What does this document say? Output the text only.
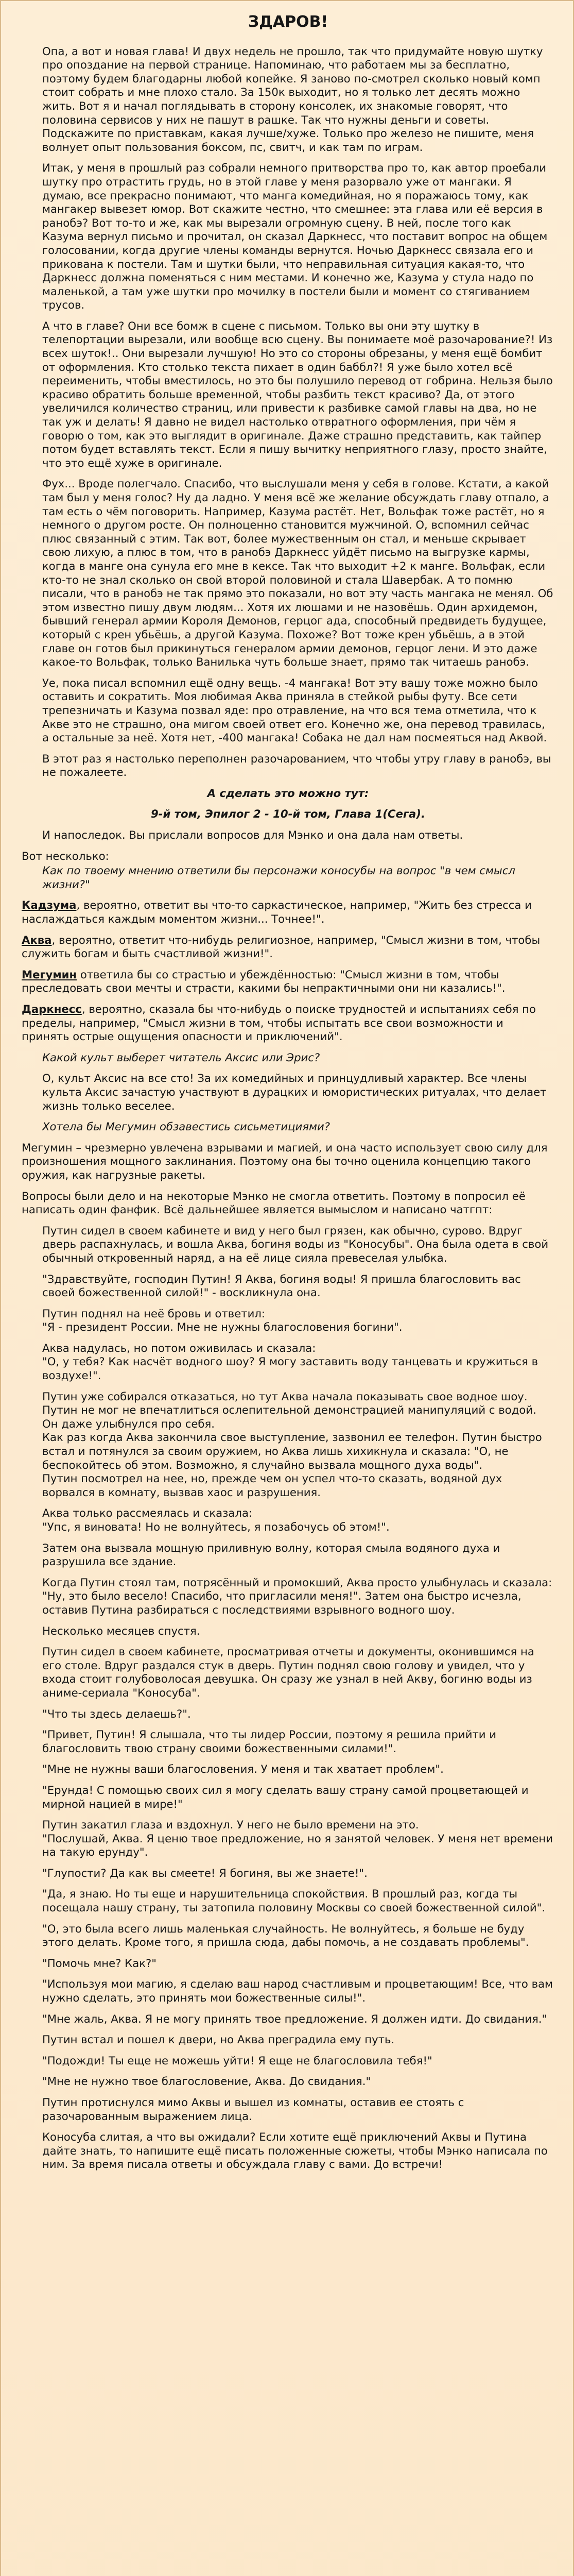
ЗДАРОВ!

Опа, а вот и новая глава! И двух недель не прошло, так что придумайте новую шутку про опоздание на первой странице. Напоминаю, что работаем мы за бесплатно, поэтому будем благодарны любой копейке. Я заново по-смотрел сколько новый комп стоит собрать и мне плохо стало. За 150к выходит, но я только лет десять можно жить. Вот я и начал поглядывать в сторону консолек, их знакомые говорят, что половина сервисов у них не пашут в рашке. Так что нужны деньги и советы. Подскажите по приставкам, какая лучше/хуже. Только про железо не пишите, меня волнует опыт пользования боксом, пс, свитч, и как там по играм.

Итак, у меня в прошлый раз собрали немного притворства про то, как автор проебали шутку про отрастить грудь, но в этой главе у меня разорвало уже от мангаки. Я думаю, все прекрасно понимают, что манга комедийная, но я поражаюсь тому, как мангакер вывезет юмор. Вот скажите честно, что смешнее: эта глава или её версия в ранобэ? Вот то-то и же, как мы вырезали огромную сцену. В ней, после того как Казума вернул письмо и прочитал, он сказал Даркнесс, что поставит вопрос на общем голосовании, когда другие члены команды вернутся. Ночью Даркнесс связала его и прикована к постели. Там и шутки были, что неправильная ситуация какая-то, что Даркнесс должна поменяться с ним местами. И конечно же, Казума у стула надо по маленькой, а там уже шутки про мочилку в постели были и момент со стягиванием трусов.

А что в главе? Они все бомж в сцене с письмом. Только вы они эту шутку в телепортации вырезали, или вообще всю сцену. Вы понимаете моё разочарование?! Из всех шуток!.. Они вырезали лучшую! Но это со стороны обрезаны, у меня ещё бомбит от оформления. Кто столько текста пихает в один баббл?! Я уже было хотел всё переименить, чтобы вместилось, но это бы полушило перевод от гобрина. Нельзя было красиво обратить больше временной, чтобы разбить текст красиво? Да, от этого увеличился количество страниц, или привести к разбивке самой главы на два, но не так уж и делать! Я давно не видел настолько отвратного оформления, при чём я говорю о том, как это выглядит в оригинале. Даже страшно представить, как тайпер потом будет вставлять текст. Если я пишу вычитку неприятного глазу, просто знайте, что это ещё хуже в оригинале.

Фух... Вроде полегчало. Спасибо, что выслушали меня у себя в голове. Кстати, а какой там был у меня голос? Ну да ладно. У меня всё же желание обсуждать главу отпало, а там есть о чём поговорить. Например, Казума растёт. Нет, Вольфак тоже растёт, но я немного о другом росте. Он полноценно становится мужчиной. О, вспомнил сейчас плюс связанный с этим. Так вот, более мужественным он стал, и меньше скрывает свою лихую, а плюс в том, что в ранобэ Даркнесс уйдёт письмо на выгрузке кармы, когда в манге она сунула его мне в кексе. Так что выходит +2 к манге. Вольфак, если кто-то не знал сколько он свой второй половиной и стала Шавербак. А то помню писали, что в ранобэ не так прямо это показали, но вот эту часть мангака не менял. Об этом известно пишу двум людям... Хотя их люшами и не назовёшь. Один архидемон, бывший генерал армии Короля Демонов, герцог ада, способный предвидеть будущее, который с крен убьёшь, а другой Казума. Похоже? Вот тоже крен убьёшь, а в этой главе он готов был прикинуться генералом армии демонов, герцог лени. И это даже какое-то Вольфак, только Ванилька чуть больше знает, прямо так читаешь ранобэ.

Уе, пока писал вспомнил ещё одну вещь. -4 мангака! Вот эту вашу тоже можно было оставить и сократить. Моя любимая Аква приняла в стейкой рыбы футу. Все сети трепезничать и Казума позвал яде: про отравление, на что вся тема отметила, что к Акве это не страшно, она мигом своей ответ его. Конечно же, она перевод травилась, а остальные за неё. Хотя нет, -400 мангака! Собака не дал нам посмеяться над Аквой.

В этот раз я настолько переполнен разочарованием, что чтобы утру главу в ранобэ, вы не пожалеете.

А сделать это можно тут:
9-й том, Эпилог 2 - 10-й том, Глава 1(Сега).

И напоследок. Вы прислали вопросов для Мэнко и она дала нам ответы.

Вот несколько:

Как по твоему мнению ответили бы персонажи коносубы на вопрос "в чем смысл жизни?"

Кадзума, вероятно, ответит вы что-то саркастическое, например, "Жить без стресса и наслаждаться каждым моментом жизни... Точнее!".

Аква, вероятно, ответит что-нибудь религиозное, например, "Смысл жизни в том, чтобы служить богам и быть счастливой жизни!".

Мегумин ответила бы со страстью и убеждённостью: "Смысл жизни в том, чтобы преследовать свои мечты и страсти, какими бы непрактичными они ни казались!".

Даркнесс, вероятно, сказала бы что-нибудь о поиске трудностей и испытаниях себя по пределы, например, "Смысл жизни в том, чтобы испытать все свои возможности и принять острые ощущения опасности и приключений".

Какой культ выберет читатель Аксис или Эрис?

О, культ Аксис на все сто! За их комедийных и принцудливый характер. Все члены культа Аксис зачастую участвуют в дурацких и юмористических ритуалах, что делает жизнь только веселее.

Хотела бы Мегумин обзавестись сисьметициями?

Мегумин – чрезмерно увлечена взрывами и магией, и она часто использует свою силу для произношения мощного заклинания. Поэтому она бы точно оценила концепцию такого оружия, как нагрузные ракеты.

Вопросы были дело и на некоторые Мэнко не смогла ответить. Поэтому в попросил её написать один фанфик. Всё дальнейшее является вымыслом и написано чатгпт:

Путин сидел в своем кабинете и вид у него был грязен, как обычно, сурово. Вдруг дверь распахнулась, и вошла Аква, богиня воды из "Коносубы". Она была одета в свой обычный откровенный наряд, а на её лице сияла превеселая улыбка.

"Здравствуйте, господин Путин! Я Аква, богиня воды! Я пришла благословить вас своей божественной силой!" - воскликнула она.

Путин поднял на неё бровь и ответил:
"Я - президент России. Мне не нужны благословения богини".

Аква надулась, но потом оживилась и сказала:
"О, у тебя? Как насчёт водного шоу? Я могу заставить воду танцевать и кружиться в воздухе!".

Путин уже собирался отказаться, но тут Аква начала показывать свое водное шоу. Путин не мог не впечатлиться ослепительной демонстрацией манипуляций с водой. Он даже улыбнулся про себя.
Как раз когда Аква закончила свое выступление, зазвонил ее телефон. Путин быстро встал и потянулся за своим оружием, но Аква лишь хихикнула и сказала: "О, не беспокойтесь об этом. Возможно, я случайно вызвала мощного духа воды".
Путин посмотрел на нее, но, прежде чем он успел что-то сказать, водяной дух ворвался в комнату, вызвав хаос и разрушения.

Аква только рассмеялась и сказала:
"Упс, я виновата! Но не волнуйтесь, я позабочусь об этом!".

Затем она вызвала мощную приливную волну, которая смыла водяного духа и разрушила все здание.

Когда Путин стоял там, потрясённый и промокший, Аква просто улыбнулась и сказала:
"Ну, это было весело! Спасибо, что пригласили меня!". Затем она быстро исчезла, оставив Путина разбираться с последствиями взрывного водного шоу.

Несколько месяцев спустя.

Путин сидел в своем кабинете, просматривая отчеты и документы, оконившимся на его столе. Вдруг раздался стук в дверь. Путин поднял свою голову и увидел, что у входа стоит голубоволосая девушка. Он сразу же узнал в ней Акву, богиню воды из аниме-сериала "Коносуба".

"Что ты здесь делаешь?".

"Привет, Путин! Я слышала, что ты лидер России, поэтому я решила прийти и благословить твою страну своими божественными силами!".

"Мне не нужны ваши благословения. У меня и так хватает проблем".

"Ерунда! С помощью своих сил я могу сделать вашу страну самой процветающей и мирной нацией в мире!"

Путин закатил глаза и вздохнул. У него не было времени на это.
"Послушай, Аква. Я ценю твое предложение, но я занятой человек. У меня нет времени на такую ерунду".

"Глупости? Да как вы смеете! Я богиня, вы же знаете!".

"Да, я знаю. Но ты еще и нарушительница спокойствия. В прошлый раз, когда ты посещала нашу страну, ты затопила половину Москвы со своей божественной силой".

"О, это была всего лишь маленькая случайность. Не волнуйтесь, я больше не буду этого делать. Кроме того, я пришла сюда, дабы помочь, а не создавать проблемы".

"Помочь мне? Как?"

"Используя мои магию, я сделаю ваш народ счастливым и процветающим! Все, что вам нужно сделать, это принять мои божественные силы!".

"Мне жаль, Аква. Я не могу принять твое предложение. Я должен идти. До свидания."

Путин встал и пошел к двери, но Аква преградила ему путь.

"Подожди! Ты еще не можешь уйти! Я еще не благословила тебя!"

"Мне не нужно твое благословение, Аква. До свидания."

Путин протиснулся мимо Аквы и вышел из комнаты, оставив ее стоять с разочарованным выражением лица.

Коносуба слитая, а что вы ожидали? Если хотите ещё приключений Аквы и Путина дайте знать, то напишите ещё писать положенные сюжеты, чтобы Мэнко написала по ним. За время писала ответы и обсуждала главу с вами. До встречи!
